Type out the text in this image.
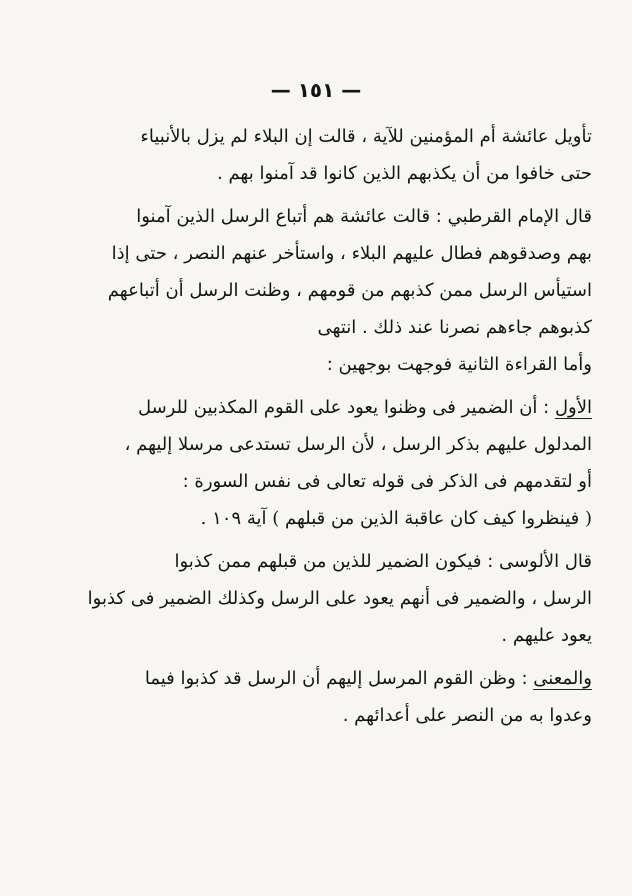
— ١٥١ —
تأويل عائشة أم المؤمنين للآية ، قالت إن البلاء لم يزل بالأنبياء
حتى خافوا من أن يكذبهم الذين كانوا قد آمنوا بهم .
قال الإمام القرطبي : قالت عائشة هم أتباع الرسل الذين آمنوا
بهم وصدقوهم فطال عليهم البلاء ، واستأخر عنهم النصر ، حتى إذا
استيأس الرسل ممن كذبهم من قومهم ، وظنت الرسل أن أتباعهم
كذبوهم جاءهم نصرنا عند ذلك . انتهى
وأما القراءة الثانية فوجهت بوجهين :
الأول : أن الضمير فى وظنوا يعود على القوم المكذبين للرسل
المدلول عليهم بذكر الرسل ، لأن الرسل تستدعى مرسلا إليهم ،
أو لتقدمهم فى الذكر فى قوله تعالى فى نفس السورة :
( فينظروا كيف كان عاقبة الذين من قبلهم ) آية ١٠٩ .
قال الألوسى : فيكون الضمير للذين من قبلهم ممن كذبوا
الرسل ، والضمير فى أنهم يعود على الرسل وكذلك الضمير فى كذبوا
يعود عليهم .
والمعنى : وظن القوم المرسل إليهم أن الرسل قد كذبوا فيما
وعدوا به من النصر على أعدائهم .
